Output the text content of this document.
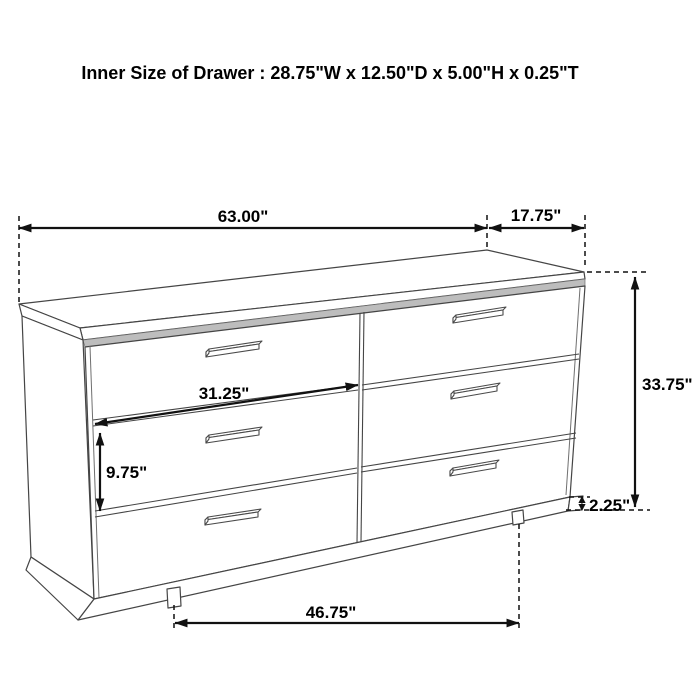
Inner Size of Drawer : 28.75"W x 12.50"D x 5.00"H x 0.25"T
63.00"	17.75"
31.25"
9.75"
33.75"
2.25"
46.75"
